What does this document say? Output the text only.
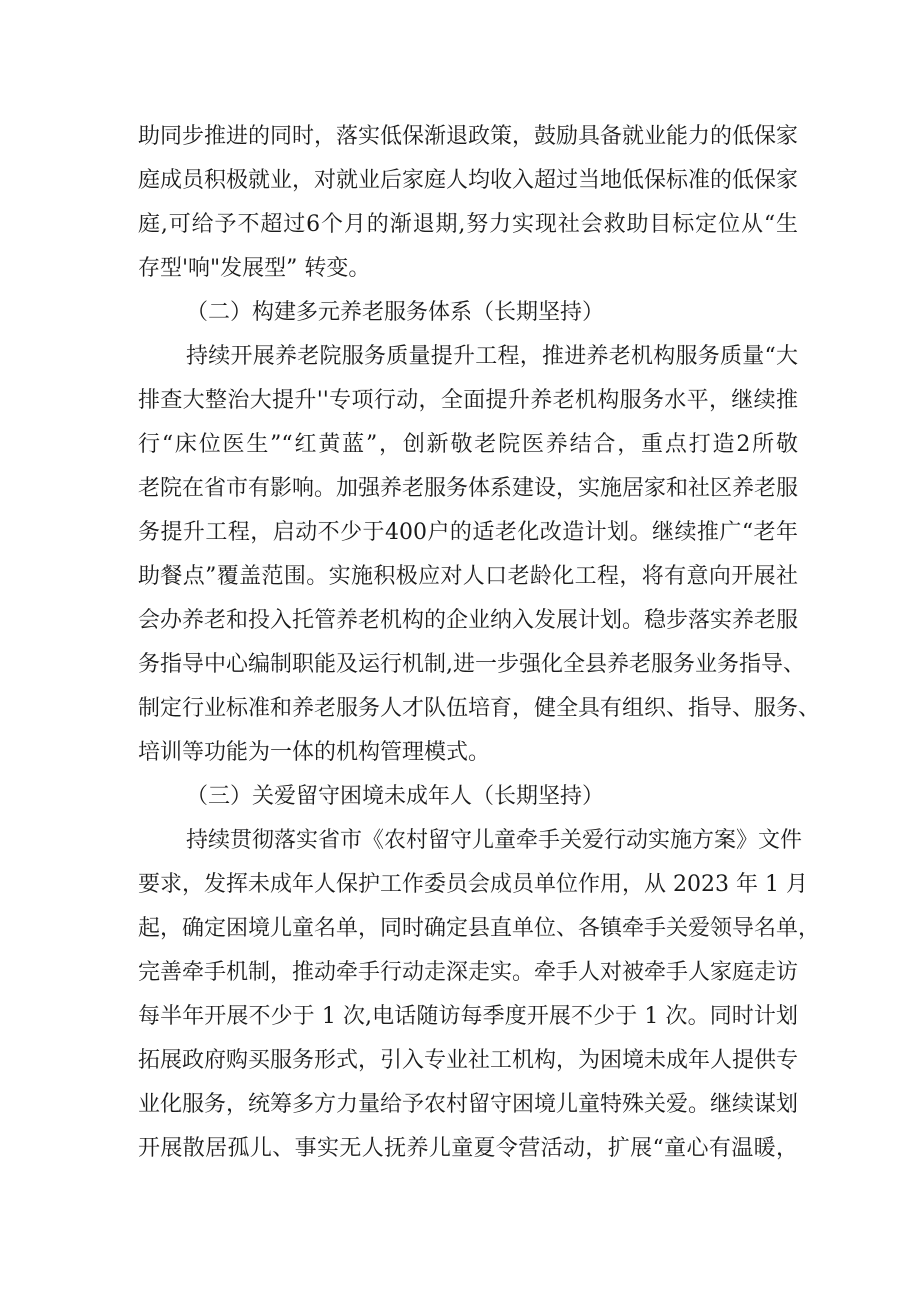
助同步推进的同时，落实低保渐退政策，鼓励具备就业能力的低保家
庭成员积极就业，对就业后家庭人均收入超过当地低保标准的低保家
庭,可给予不超过6个月的渐退期,努力实现社会救助目标定位从“生
存型'响"发展型” 转变。
（二）构建多元养老服务体系（长期坚持）
持续开展养老院服务质量提升工程，推进养老机构服务质量“大
排查大整治大提升''专项行动，全面提升养老机构服务水平，继续推
行“床位医生”“红黄蓝”，创新敬老院医养结合，重点打造2所敬
老院在省市有影响。加强养老服务体系建设，实施居家和社区养老服
务提升工程，启动不少于400户的适老化改造计划。继续推广“老年
助餐点”覆盖范围。实施积极应对人口老龄化工程，将有意向开展社
会办养老和投入托管养老机构的企业纳入发展计划。稳步落实养老服
务指导中心编制职能及运行机制,进一步强化全县养老服务业务指导、
制定行业标准和养老服务人才队伍培育，健全具有组织、指导、服务、
培训等功能为一体的机构管理模式。
（三）关爱留守困境未成年人（长期坚持）
持续贯彻落实省市《农村留守儿童牵手关爱行动实施方案》文件
要求，发挥未成年人保护工作委员会成员单位作用，从 2023 年 1 月
起，确定困境儿童名单，同时确定县直单位、各镇牵手关爱领导名单，
完善牵手机制，推动牵手行动走深走实。牵手人对被牵手人家庭走访
每半年开展不少于 1 次,电话随访每季度开展不少于 1 次。同时计划
拓展政府购买服务形式，引入专业社工机构，为困境未成年人提供专
业化服务，统筹多方力量给予农村留守困境儿童特殊关爱。继续谋划
开展散居孤儿、事实无人抚养儿童夏令营活动，扩展“童心有温暖，
